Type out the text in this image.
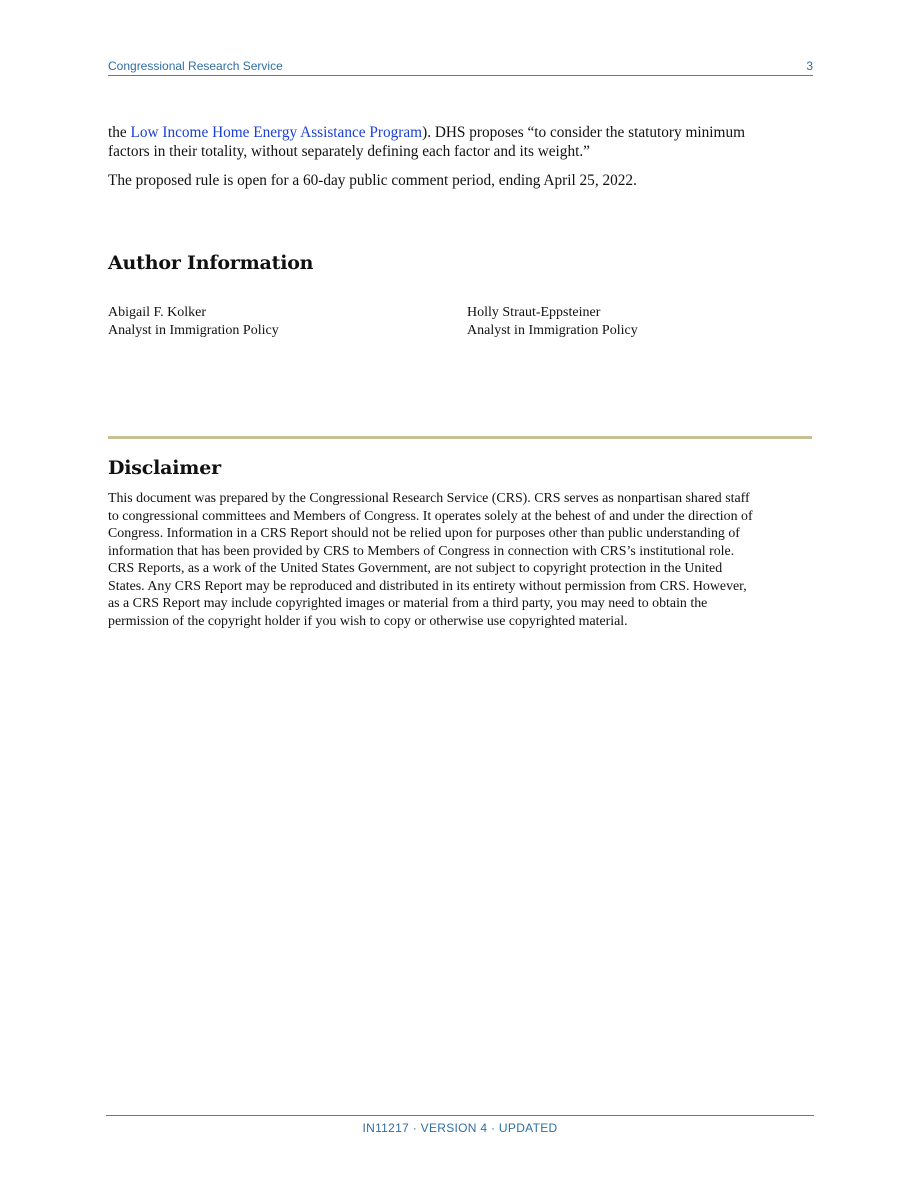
Congressional Research Service	3
the Low Income Home Energy Assistance Program). DHS proposes “to consider the statutory minimum
factors in their totality, without separately defining each factor and its weight.”
The proposed rule is open for a 60-day public comment period, ending April 25, 2022.
Author Information
Abigail F. Kolker
Analyst in Immigration Policy
Holly Straut-Eppsteiner
Analyst in Immigration Policy
Disclaimer
This document was prepared by the Congressional Research Service (CRS). CRS serves as nonpartisan shared staff
to congressional committees and Members of Congress. It operates solely at the behest of and under the direction of
Congress. Information in a CRS Report should not be relied upon for purposes other than public understanding of
information that has been provided by CRS to Members of Congress in connection with CRS’s institutional role.
CRS Reports, as a work of the United States Government, are not subject to copyright protection in the United
States. Any CRS Report may be reproduced and distributed in its entirety without permission from CRS. However,
as a CRS Report may include copyrighted images or material from a third party, you may need to obtain the
permission of the copyright holder if you wish to copy or otherwise use copyrighted material.
IN11217 · VERSION 4 · UPDATED
